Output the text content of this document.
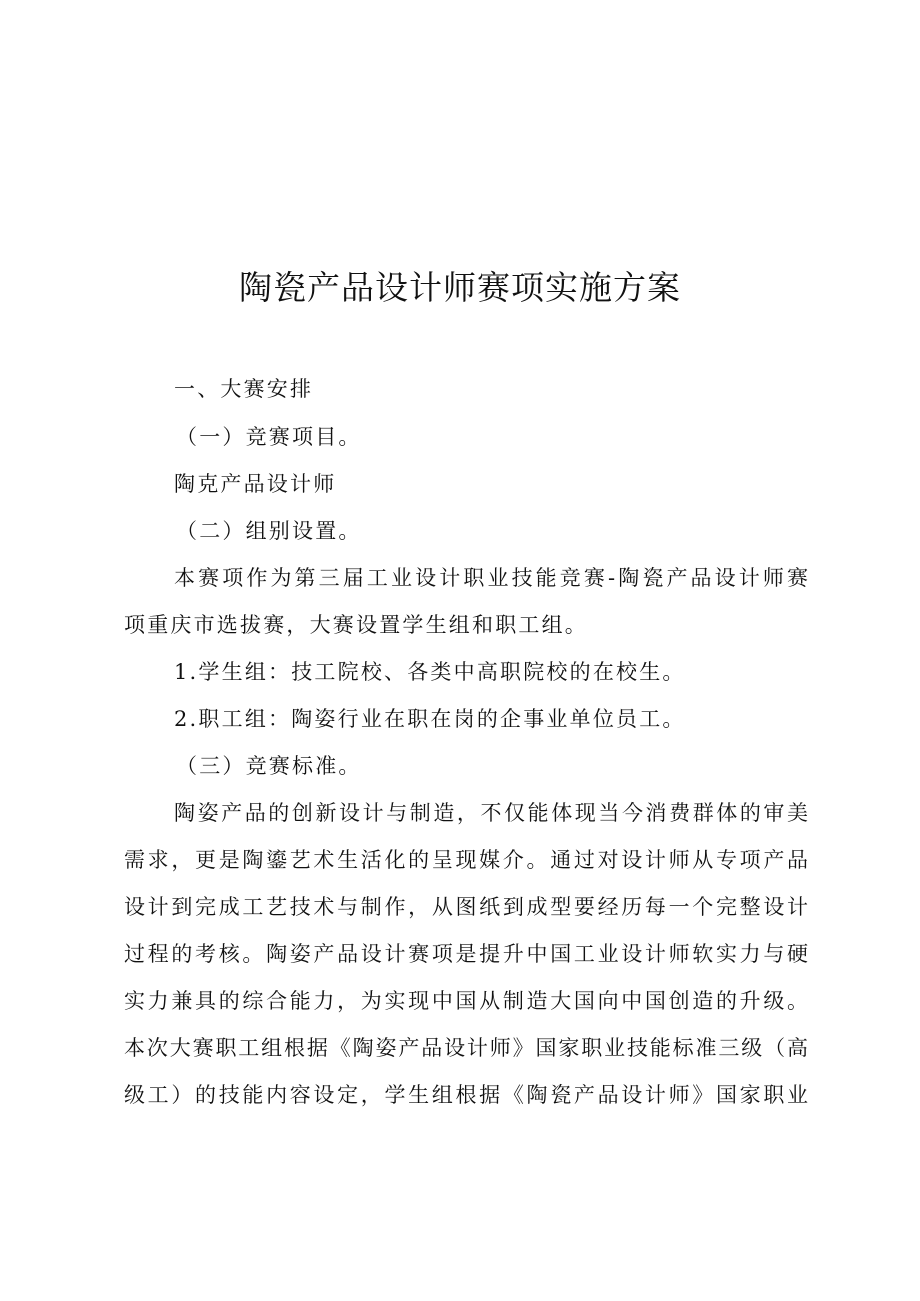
陶瓷产品设计师赛项实施方案
一、大赛安排
（一）竞赛项目。
陶克产品设计师
（二）组别设置。
本赛项作为第三届工业设计职业技能竞赛-陶瓷产品设计师赛
项重庆市选拔赛，大赛设置学生组和职工组。
1.学生组：技工院校、各类中高职院校的在校生。
2.职工组：陶姿行业在职在岗的企事业单位员工。
（三）竞赛标准。
陶姿产品的创新设计与制造，不仅能体现当今消费群体的审美
需求，更是陶鎏艺术生活化的呈现媒介。通过对设计师从专项产品
设计到完成工艺技术与制作，从图纸到成型要经历每一个完整设计
过程的考核。陶姿产品设计赛项是提升中国工业设计师软实力与硬
实力兼具的综合能力，为实现中国从制造大国向中国创造的升级。
本次大赛职工组根据《陶姿产品设计师》国家职业技能标准三级（高
级工）的技能内容设定，学生组根据《陶瓷产品设计师》国家职业
